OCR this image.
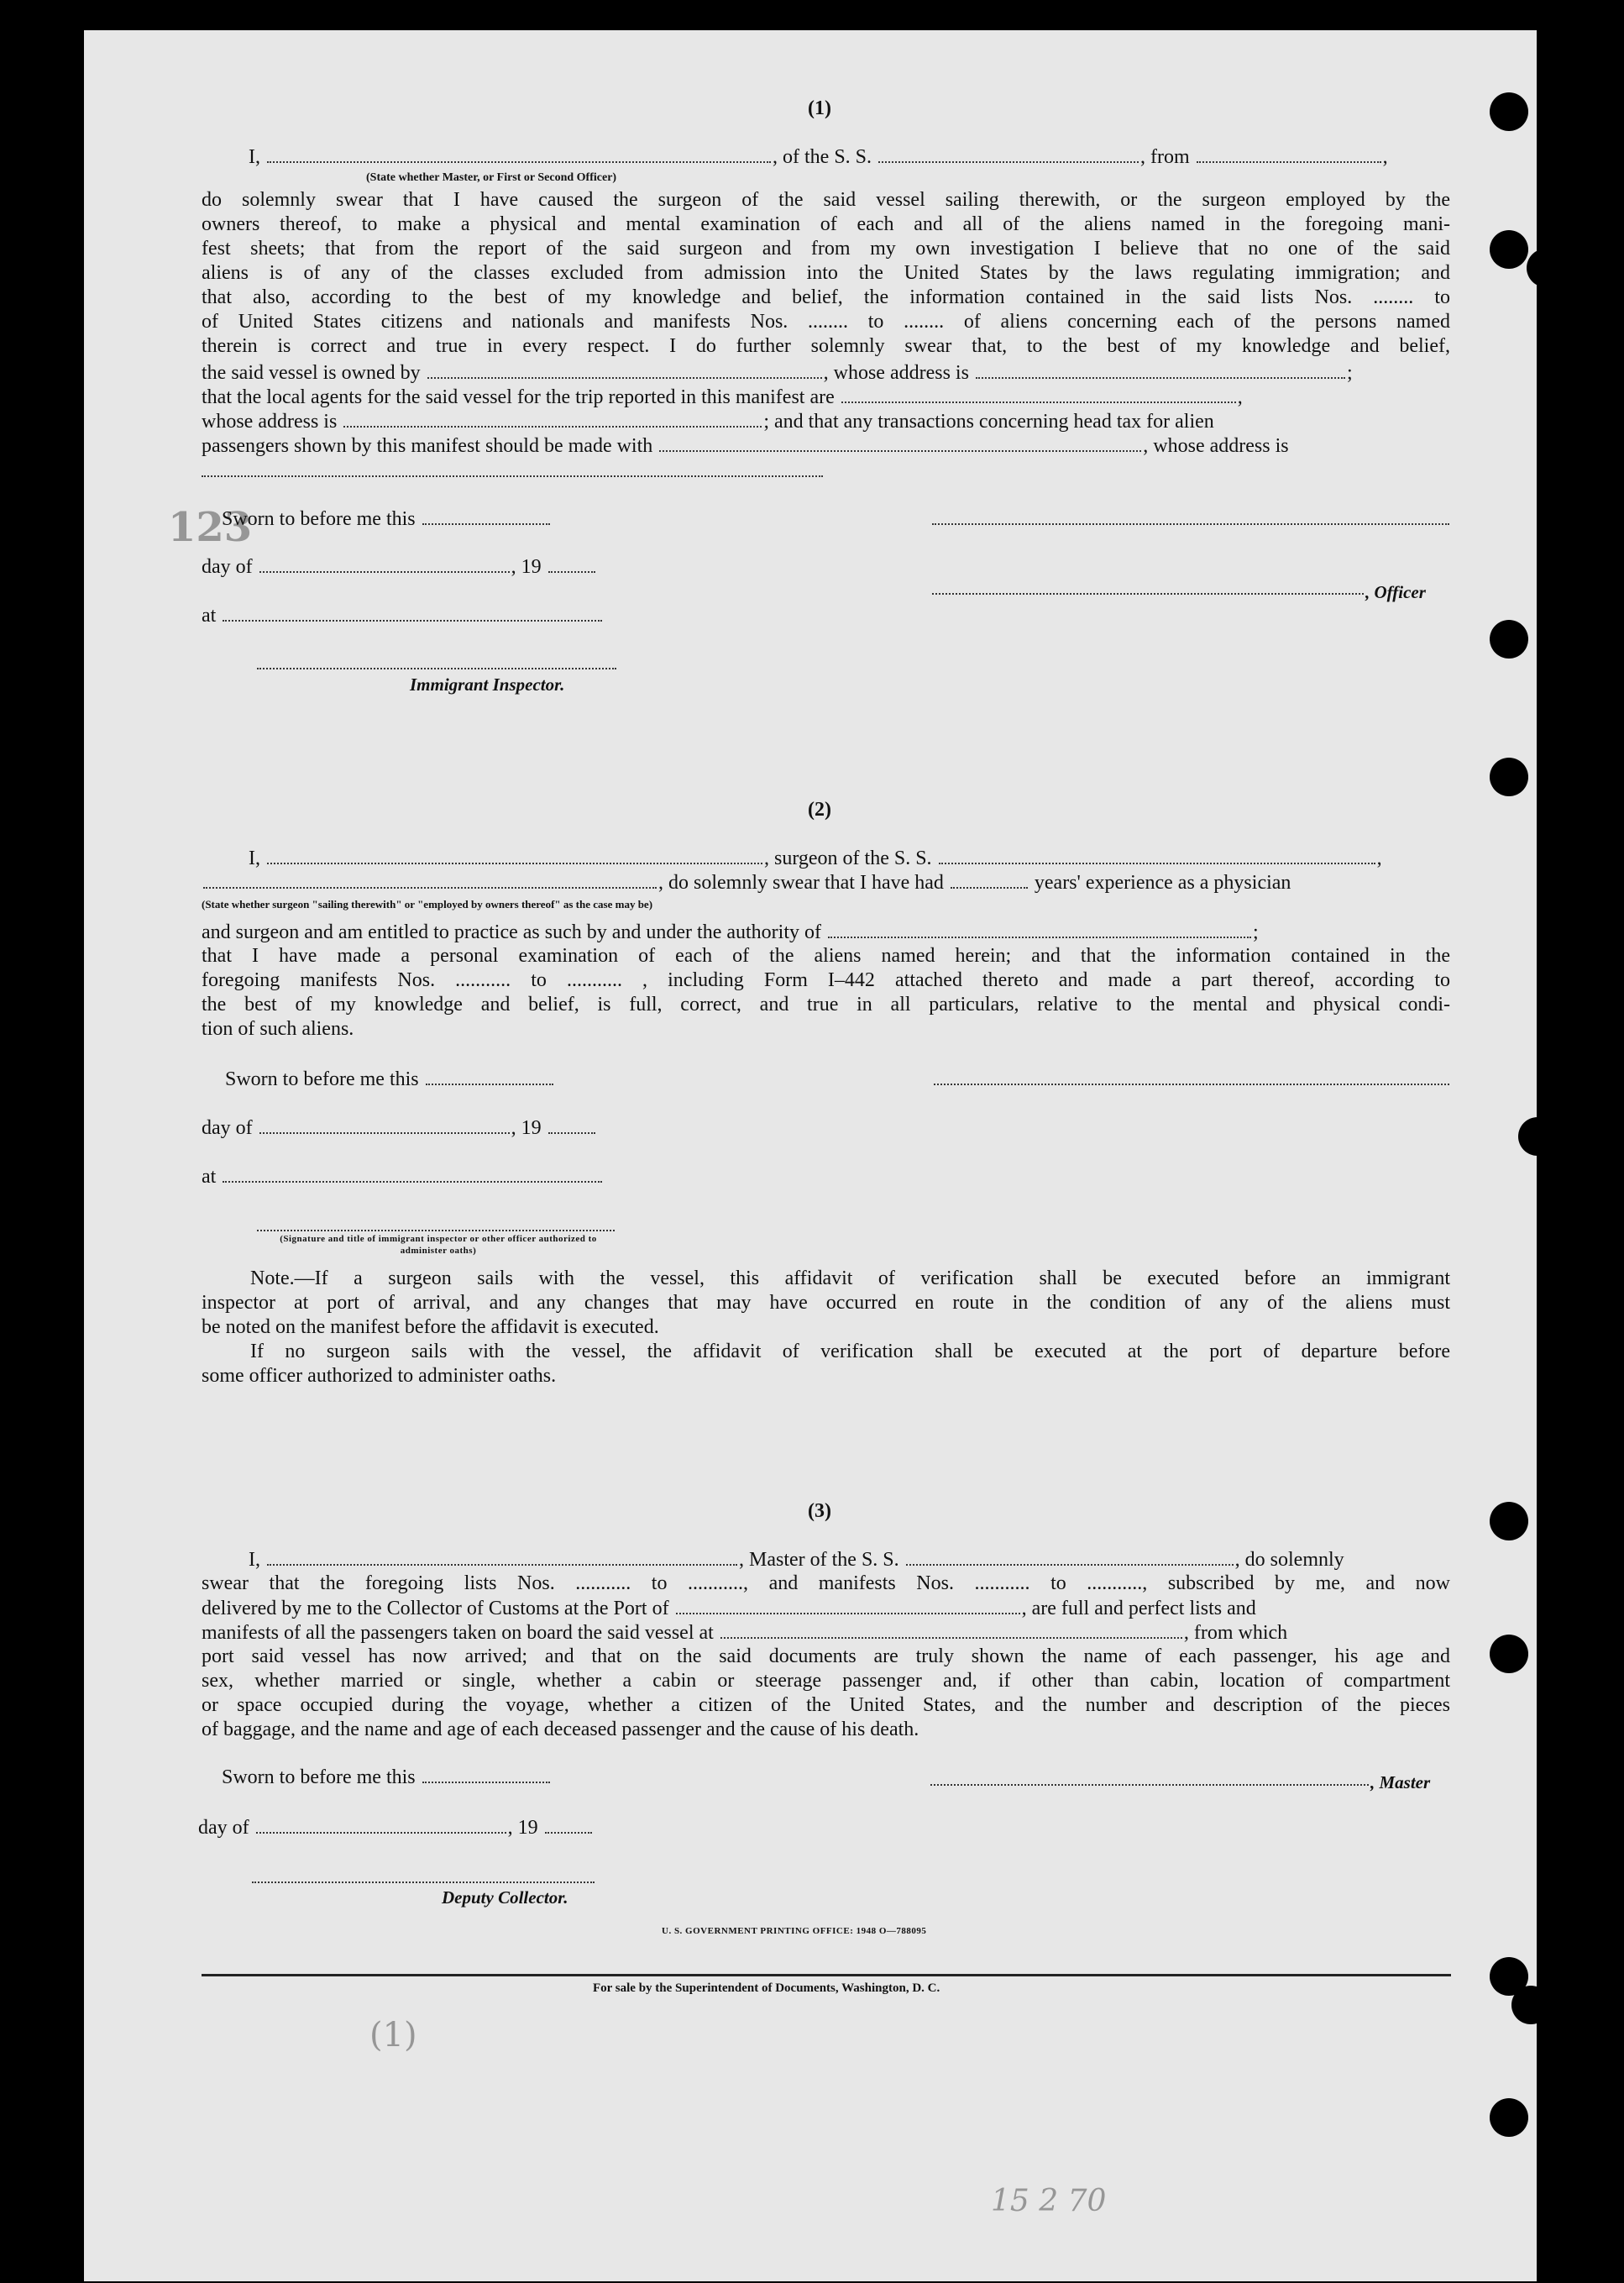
123
(1)
15 2 70
(1)
I,	, of the S. S.	, from	,
(State whether Master, or First or Second Officer)
do solemnly swear that I have caused the surgeon of the said vessel sailing therewith, or the surgeon employed by the
owners thereof, to make a physical and mental examination of each and all of the aliens named in the foregoing mani-
fest sheets; that from the report of the said surgeon and from my own investigation I believe that no one of the said
aliens is of any of the classes excluded from admission into the United States by the laws regulating immigration; and
that also, according to the best of my knowledge and belief, the information contained in the said lists Nos. ........ to
of United States citizens and nationals and manifests Nos. ........ to ........ of aliens concerning each of the persons named
therein is correct and true in every respect. I do further solemnly swear that, to the best of my knowledge and belief,
the said vessel is owned by	, whose address is	;
that the local agents for the said vessel for the trip reported in this manifest are	,
whose address is	; and that any transactions concerning head tax for alien
passengers shown by this manifest should be made with	, whose address is
Sworn to before me this
day of	, 19
, Officer
at
Immigrant Inspector.
(2)
I,	, surgeon of the S. S.	,
, do solemnly swear that I have had	years' experience as a physician
(State whether surgeon "sailing therewith" or "employed by owners thereof" as the case may be)
and surgeon and am entitled to practice as such by and under the authority of	;
that I have made a personal examination of each of the aliens named herein; and that the information contained in the
foregoing manifests Nos. ........... to ........... , including Form I–442 attached thereto and made a part thereof, according to
the best of my knowledge and belief, is full, correct, and true in all particulars, relative to the mental and physical condi-
tion of such aliens.
Sworn to before me this
day of	, 19
at
(Signature and title of immigrant inspector or other officer authorized to administer oaths)
Note.—If a surgeon sails with the vessel, this affidavit of verification shall be executed before an immigrant
inspector at port of arrival, and any changes that may have occurred en route in the condition of any of the aliens must
be noted on the manifest before the affidavit is executed.
If no surgeon sails with the vessel, the affidavit of verification shall be executed at the port of departure before
some officer authorized to administer oaths.
(3)
I,	, Master of the S. S.	, do solemnly
swear that the foregoing lists Nos. ........... to ..........., and manifests Nos. ........... to ..........., subscribed by me, and now
delivered by me to the Collector of Customs at the Port of	, are full and perfect lists and
manifests of all the passengers taken on board the said vessel at	, from which
port said vessel has now arrived; and that on the said documents are truly shown the name of each passenger, his age and
sex, whether married or single, whether a cabin or steerage passenger and, if other than cabin, location of compartment
or space occupied during the voyage, whether a citizen of the United States, and the number and description of the pieces
of baggage, and the name and age of each deceased passenger and the cause of his death.
Sworn to before me this	, Master
day of	, 19
Deputy Collector.
U. S. GOVERNMENT PRINTING OFFICE: 1948 O—788095
For sale by the Superintendent of Documents, Washington, D. C.
